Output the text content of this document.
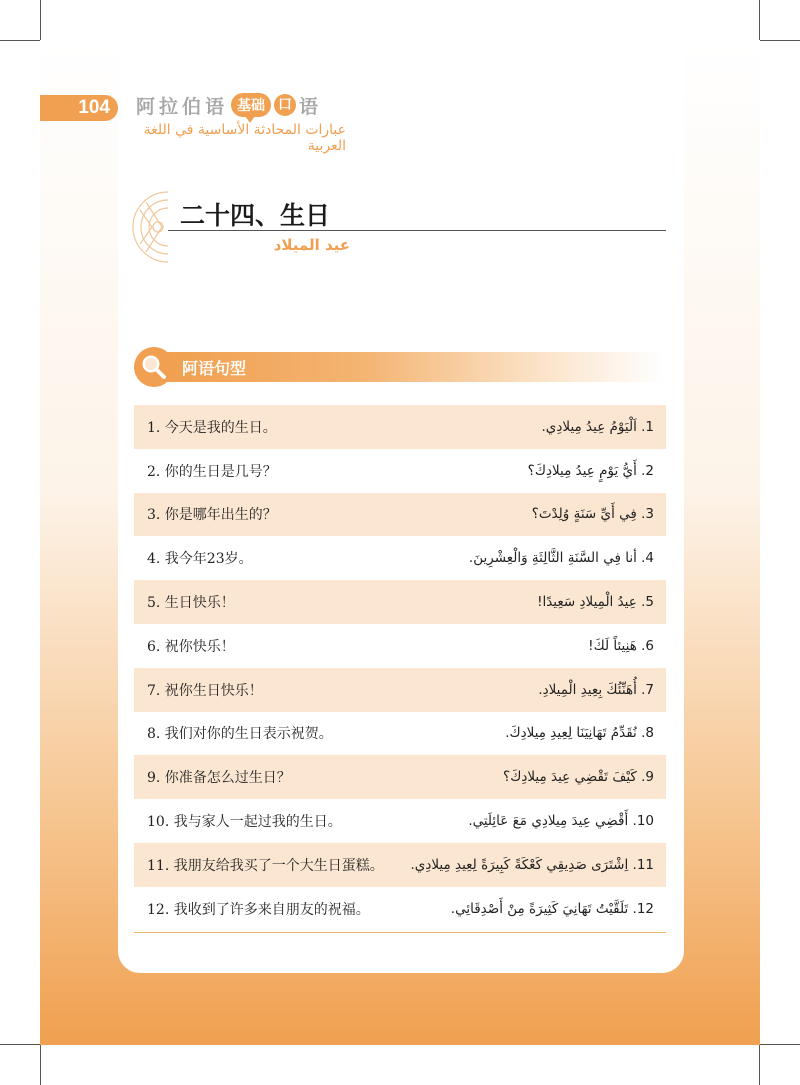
104	阿拉伯语 基础 口 语
عبارات المحادثة الأساسية في اللغة العربية
二十四、生日
عيد الميلاد
阿语句型
1. 今天是我的生日。	1. اَلْيَوْمُ عِيدُ مِيلادِي.
2. 你的生日是几号？	2. أَيُّ يَوْمٍ عِيدُ مِيلادِكَ؟
3. 你是哪年出生的？	3. فِي أَيِّ سَنَةٍ وُلِدْتَ؟
4. 我今年23岁。	4. أنا فِي السَّنَةِ الثَّالِثَةِ وَالْعِشْرِينَ.
5. 生日快乐！	5. عِيدُ الْمِيلادِ سَعِيدًا!
6. 祝你快乐！	6. هَنِيئاً لَكَ!
7. 祝你生日快乐！	7. أُهَنِّئُكَ بِعِيدِ الْمِيلادِ.
8. 我们对你的生日表示祝贺。	8. نُقَدِّمُ تَهَانِيَنَا لِعِيدِ مِيلادِكَ.
9. 你准备怎么过生日？	9. كَيْفَ تَقْضِي عِيدَ مِيلادِكَ؟
10. 我与家人一起过我的生日。	10. أَقْضِي عِيدَ مِيلادِي مَعَ عَائِلَتِي.
11. 我朋友给我买了一个大生日蛋糕。 11. اِشْتَرَى صَدِيقِي كَعْكَةً كَبِيرَةً لِعِيدِ مِيلادِي.
12. 我收到了许多来自朋友的祝福。	12. تَلَقَّيْتُ تَهَانِيَ كَثِيرَةً مِنْ أَصْدِقَائِي.
